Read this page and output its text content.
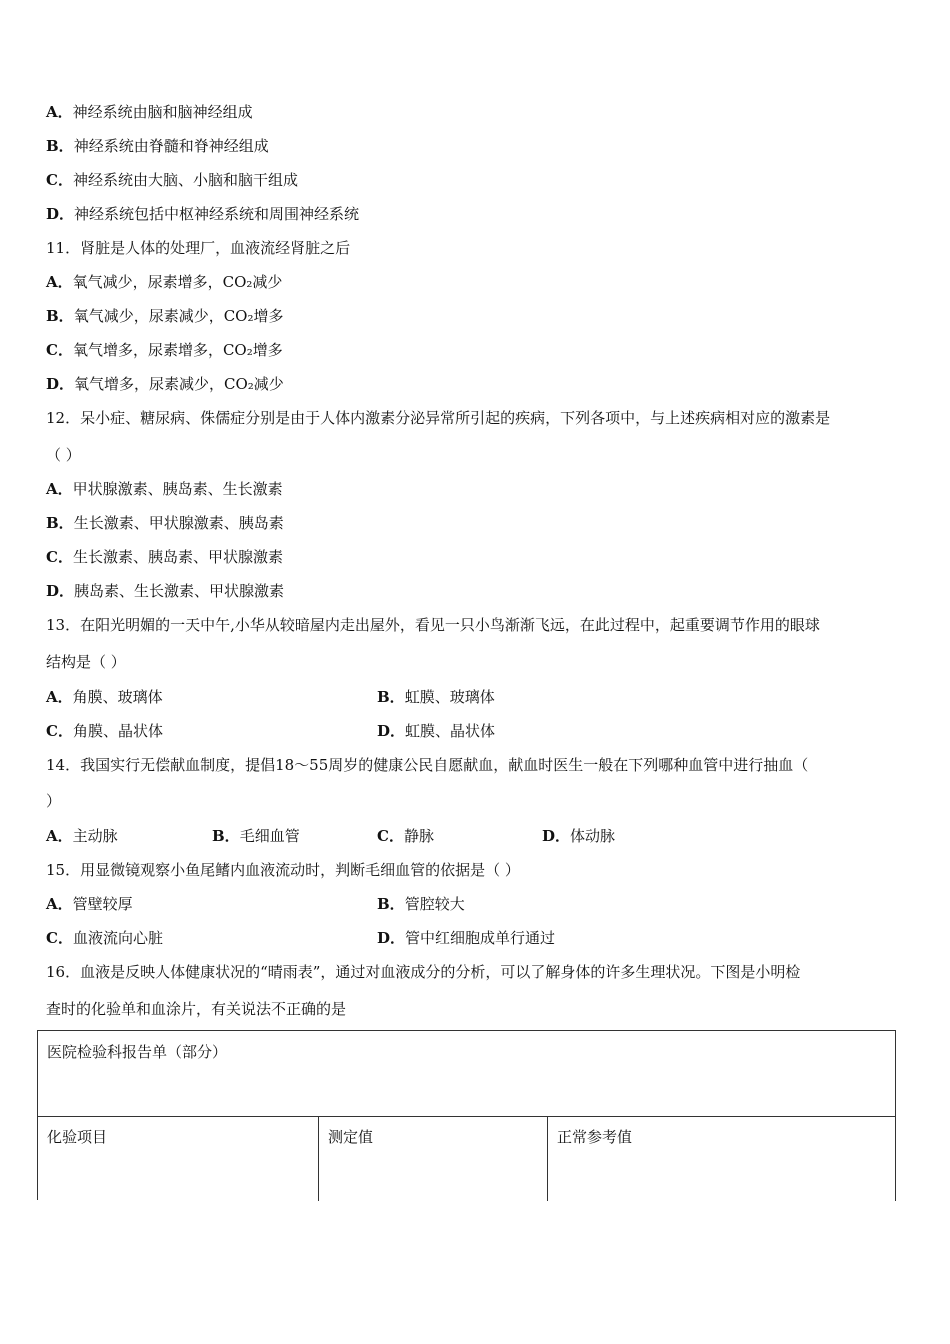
A．神经系统由脑和脑神经组成
B．神经系统由脊髓和脊神经组成
C．神经系统由大脑、小脑和脑干组成
D．神经系统包括中枢神经系统和周围神经系统
11．肾脏是人体的处理厂，血液流经肾脏之后
A．氧气减少，尿素增多，CO₂减少
B．氧气减少，尿素减少，CO₂增多
C．氧气增多，尿素增多，CO₂增多
D．氧气增多，尿素减少，CO₂减少
12．呆小症、糖尿病、侏儒症分别是由于人体内激素分泌异常所引起的疾病，下列各项中，与上述疾病相对应的激素是
（ ）
A．甲状腺激素、胰岛素、生长激素
B．生长激素、甲状腺激素、胰岛素
C．生长激素、胰岛素、甲状腺激素
D．胰岛素、生长激素、甲状腺激素
13．在阳光明媚的一天中午,小华从较暗屋内走出屋外，看见一只小鸟渐渐飞远，在此过程中，起重要调节作用的眼球
结构是（ ）
A．角膜、玻璃体	B．虹膜、玻璃体
C．角膜、晶状体	D．虹膜、晶状体
14．我国实行无偿献血制度，提倡18～55周岁的健康公民自愿献血，献血时医生一般在下列哪种血管中进行抽血（
）
A．主动脉	B．毛细血管	C．静脉	D．体动脉
15．用显微镜观察小鱼尾鳍内血液流动时，判断毛细血管的依据是（ ）
A．管壁较厚	B．管腔较大
C．血液流向心脏	D．管中红细胞成单行通过
16．血液是反映人体健康状况的“晴雨表”，通过对血液成分的分析，可以了解身体的许多生理状况。下图是小明检
查时的化验单和血涂片，有关说法不正确的是
医院检验科报告单（部分）
化验项目	测定值	正常参考值
